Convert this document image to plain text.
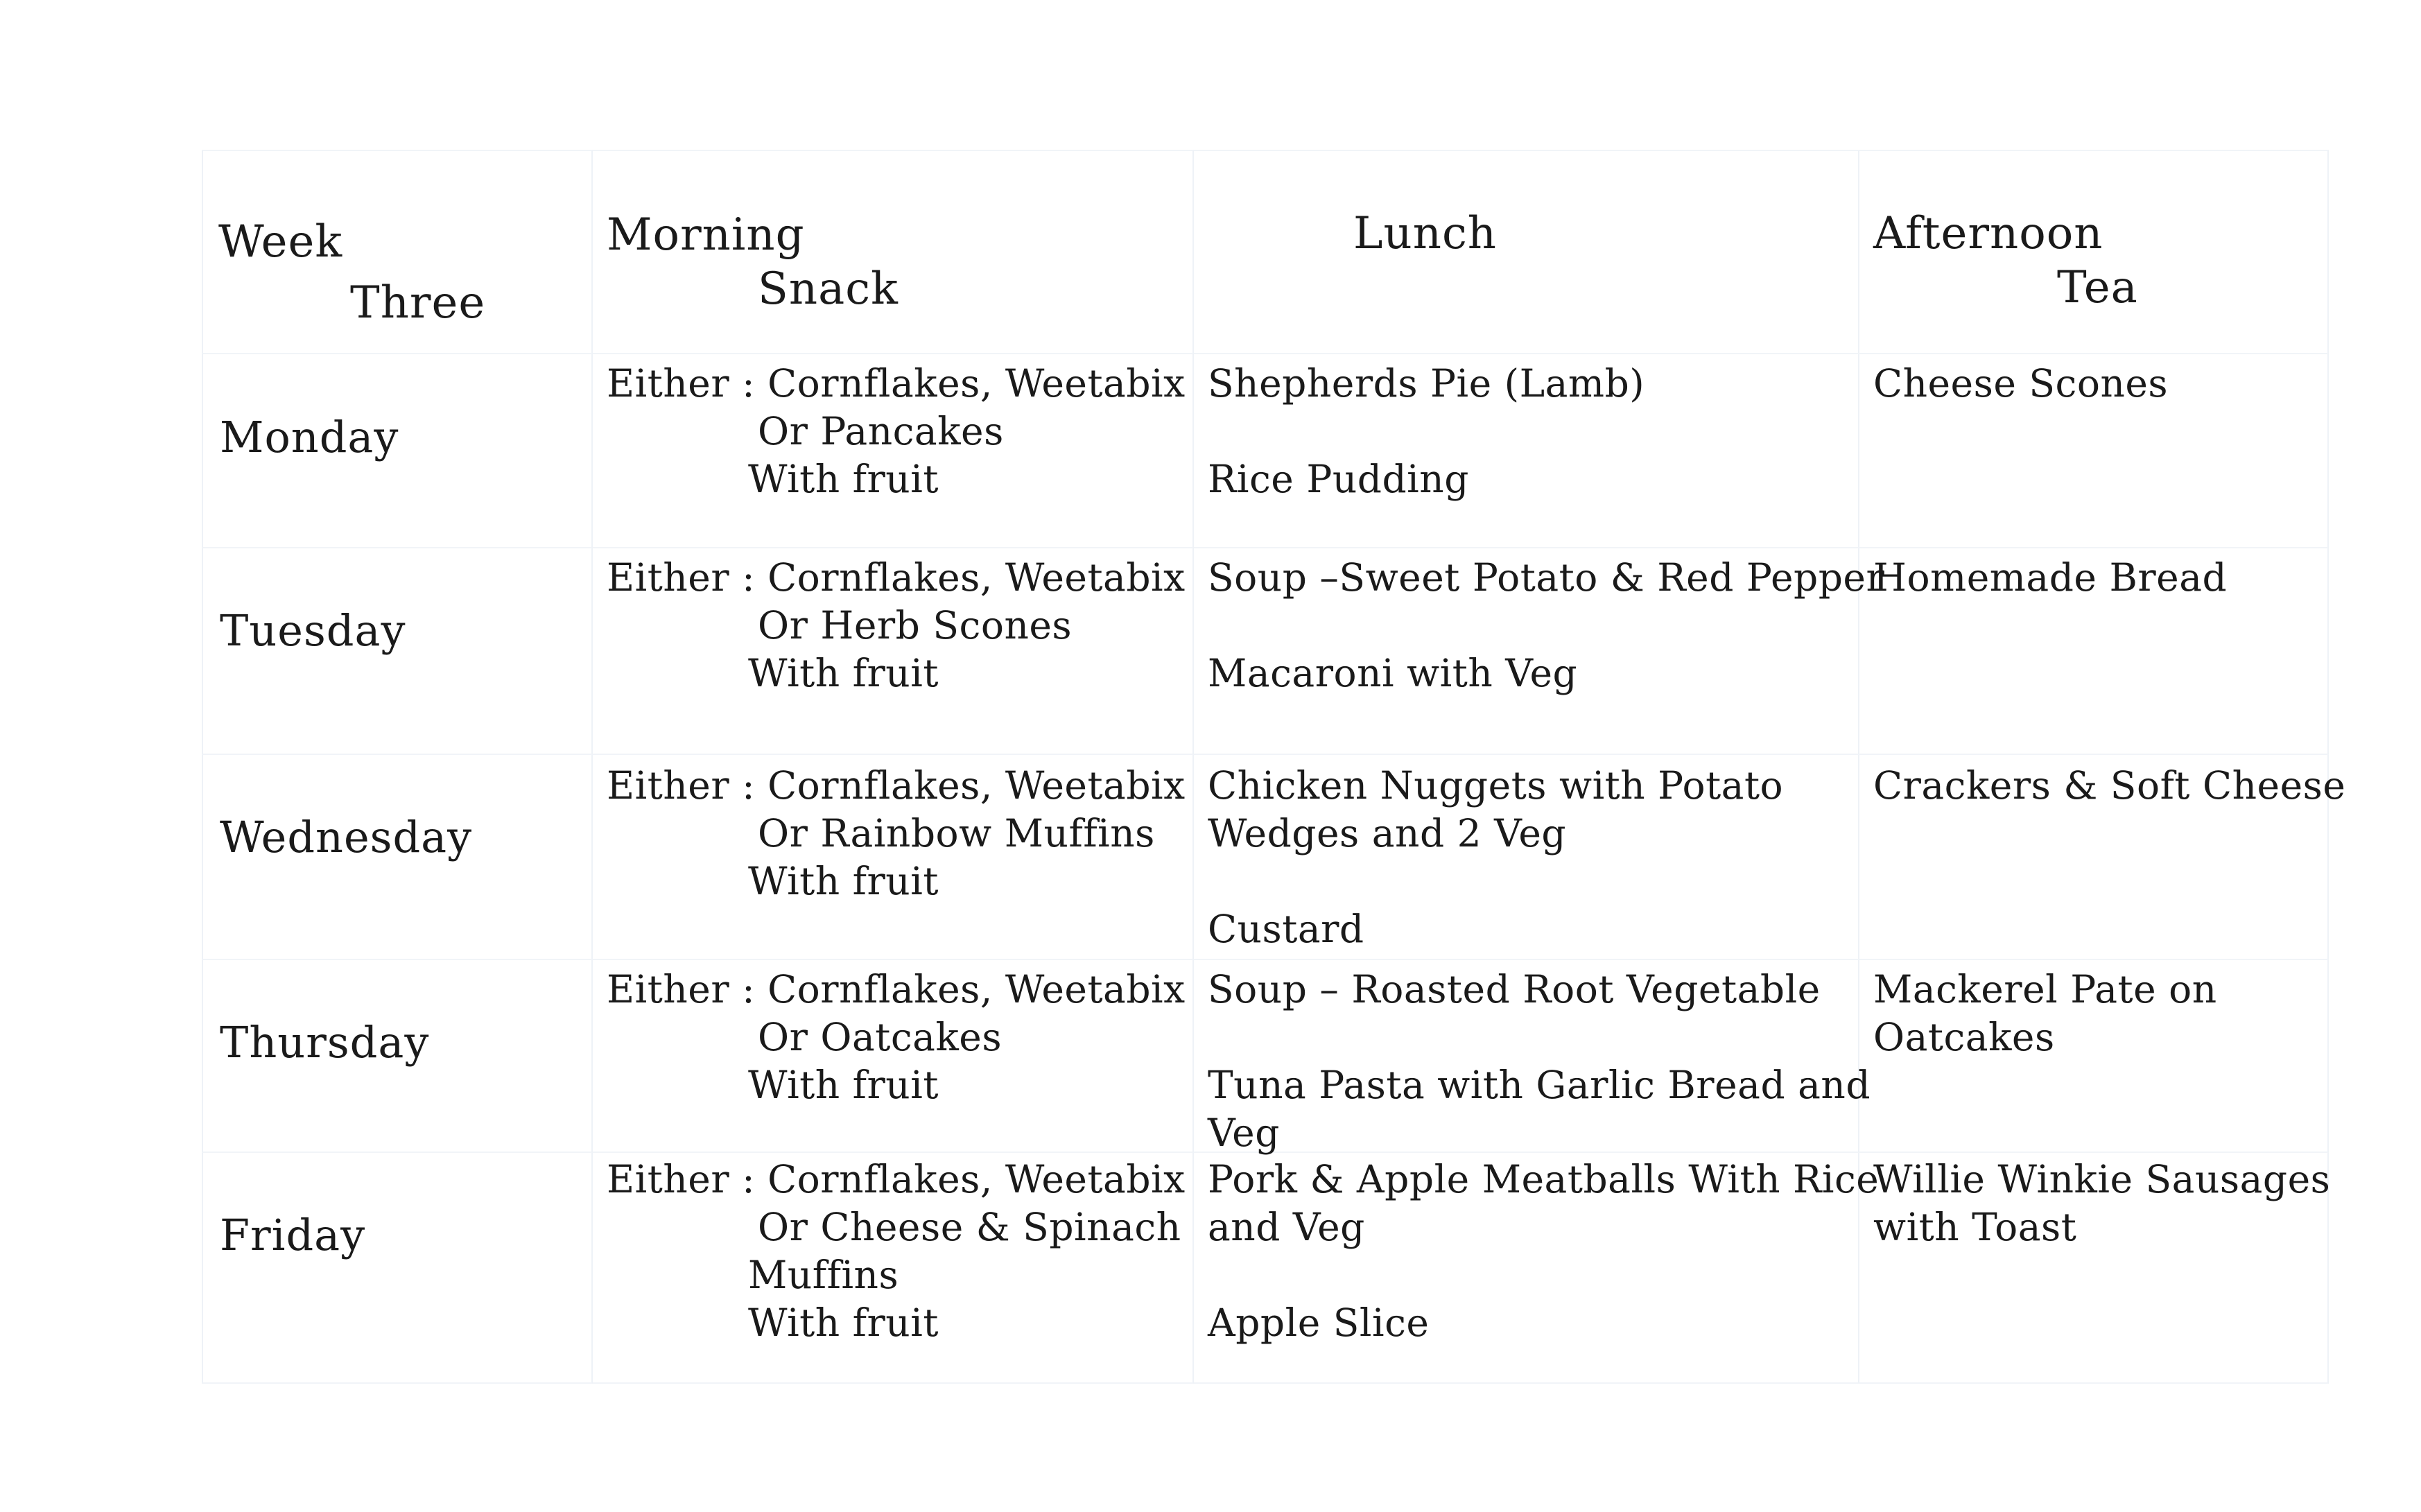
Week
Three
Morning
Snack
Lunch	Afternoon
Tea
Monday
Either : Cornflakes, Weetabix
Or Pancakes
With fruit
Shepherds Pie (Lamb)

Rice Pudding
Cheese Scones
Tuesday
Either : Cornflakes, Weetabix
Or Herb Scones
With fruit
Soup –Sweet Potato & Red Pepper

Macaroni with Veg
Homemade Bread
Wednesday
Either : Cornflakes, Weetabix
Or Rainbow Muffins
With fruit
Chicken Nuggets with Potato
Wedges and 2 Veg

Custard
Crackers & Soft Cheese
Thursday
Either : Cornflakes, Weetabix
Or Oatcakes
With fruit
Soup – Roasted Root Vegetable

Tuna Pasta with Garlic Bread and
Veg
Mackerel Pate on
Oatcakes
Friday
Either : Cornflakes, Weetabix
Or Cheese & Spinach
Muffins
With fruit
Pork & Apple Meatballs With Rice
and Veg

Apple Slice
Willie Winkie Sausages
with Toast
